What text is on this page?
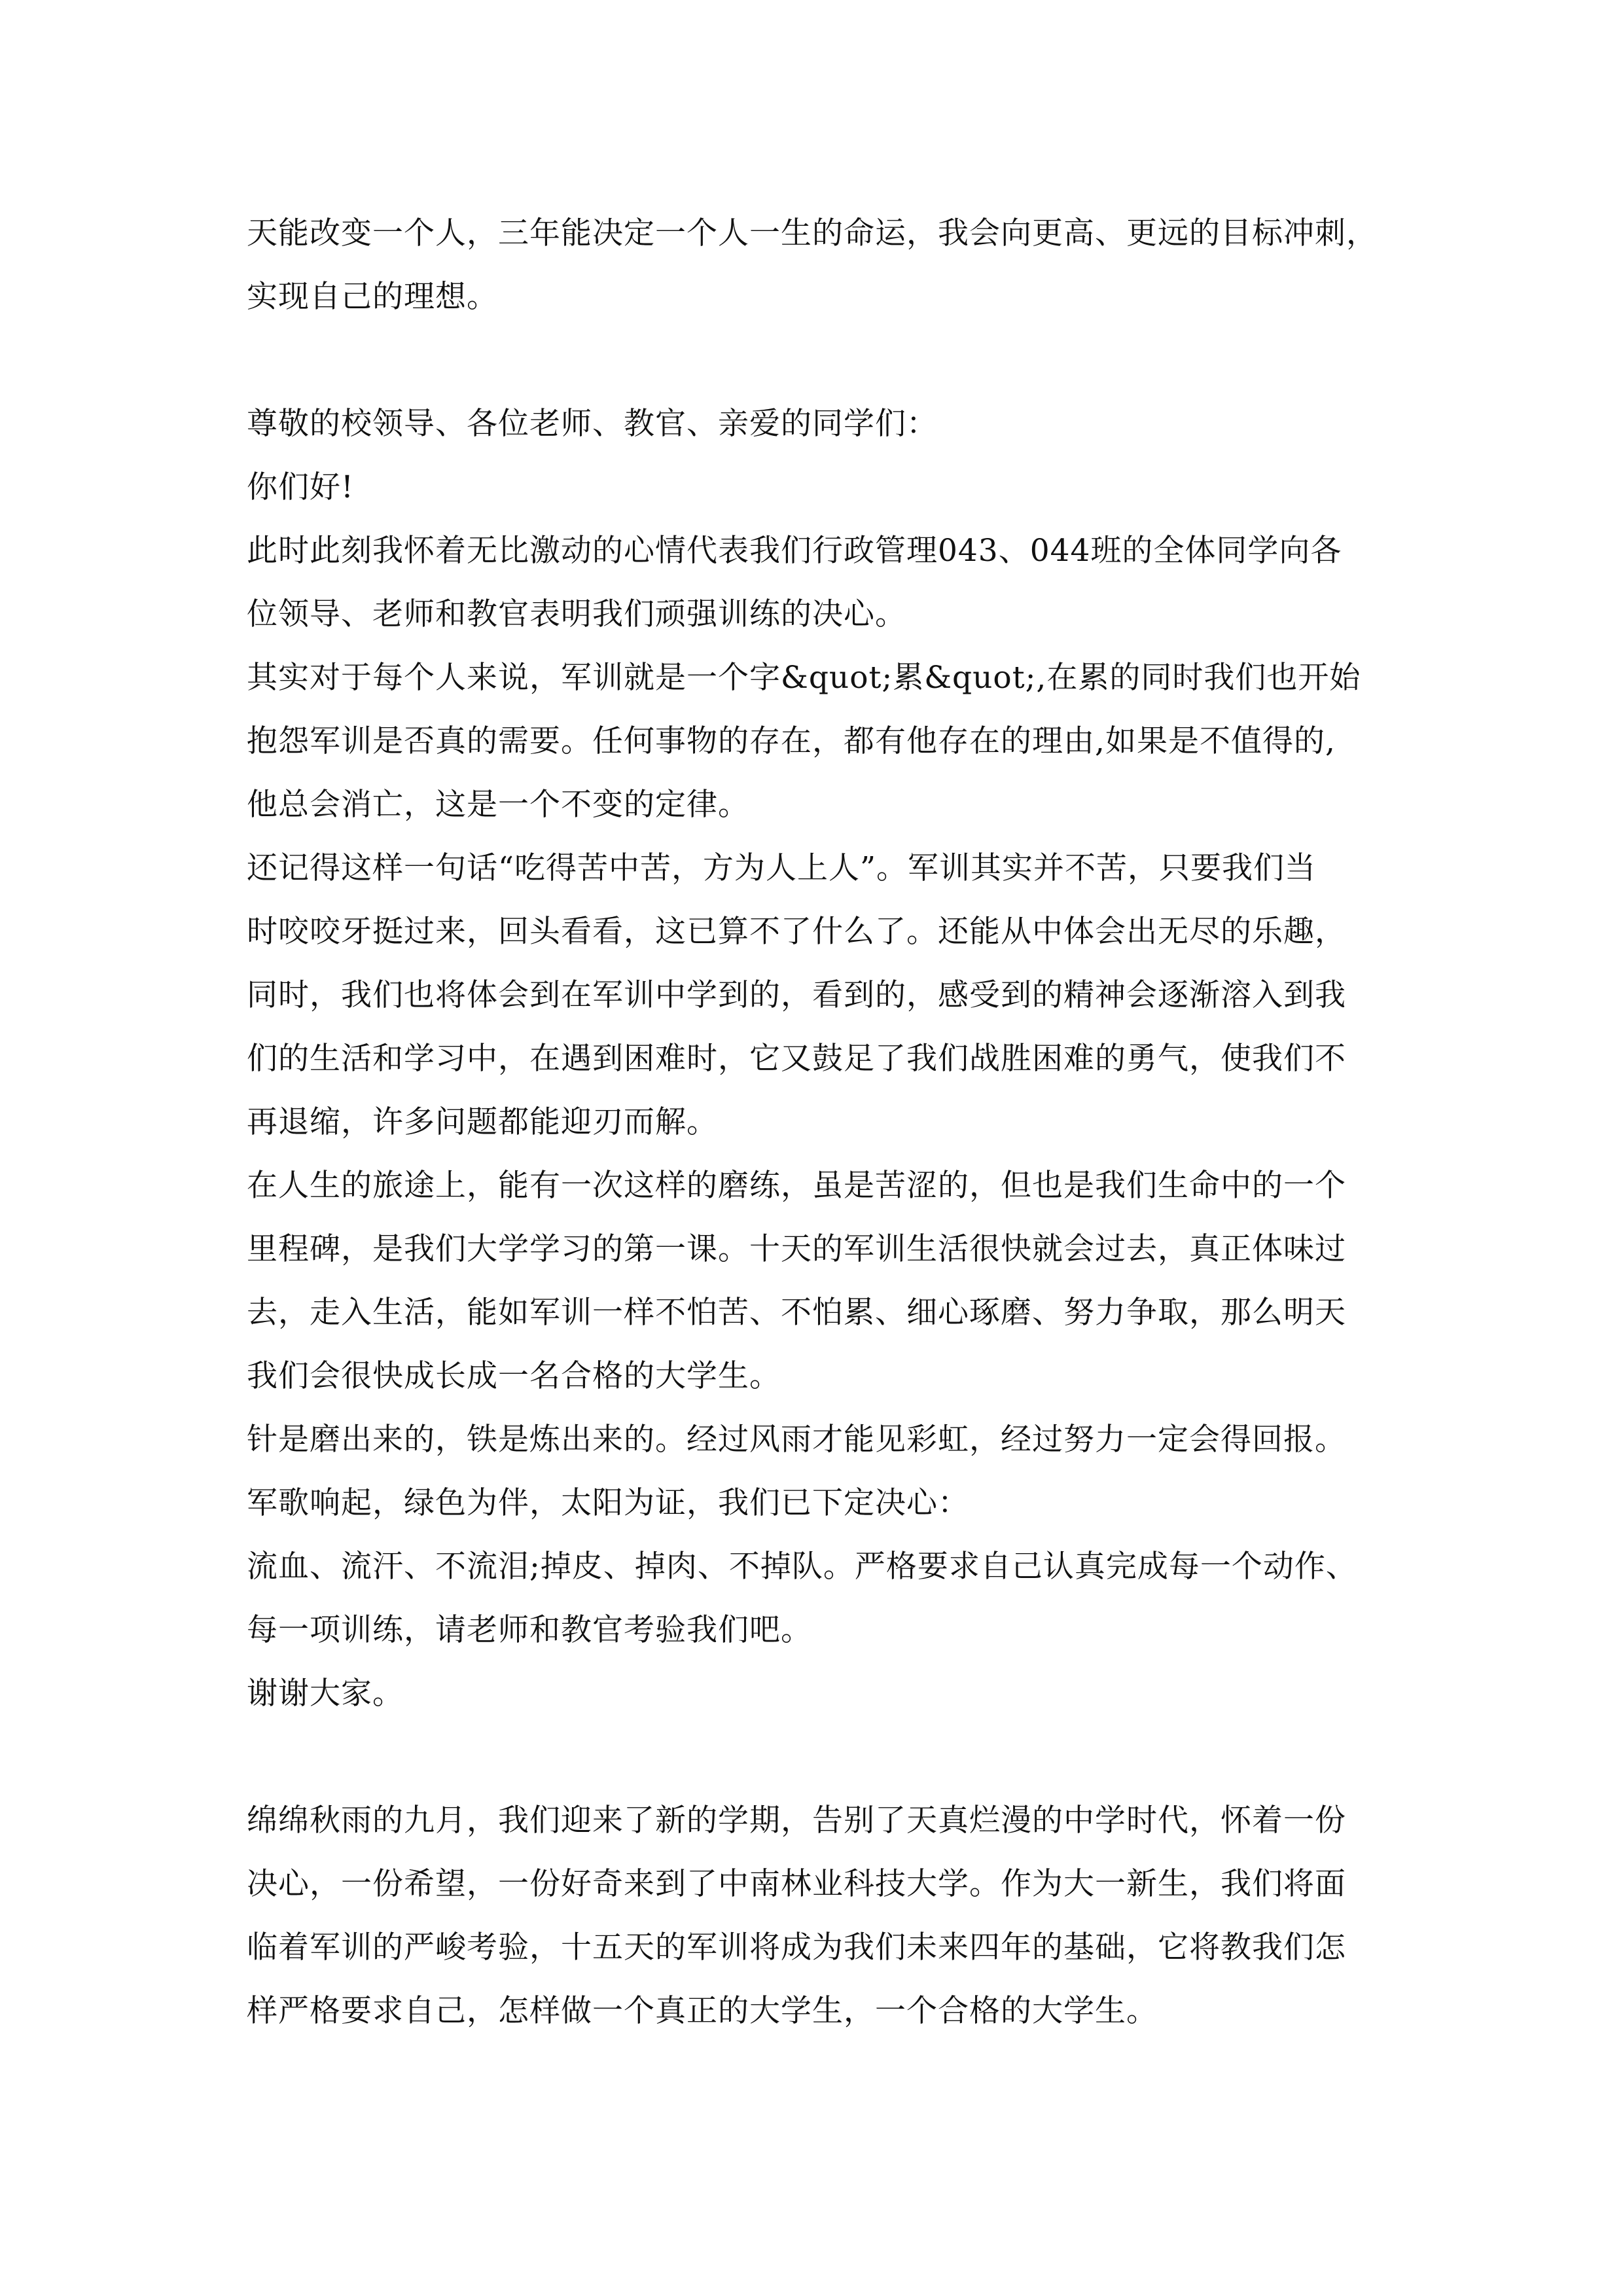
天能改变一个人，三年能决定一个人一生的命运，我会向更高、更远的目标冲刺，
实现自己的理想。
尊敬的校领导、各位老师、教官、亲爱的同学们：
你们好!
此时此刻我怀着无比激动的心情代表我们行政管理043、044班的全体同学向各
位领导、老师和教官表明我们顽强训练的决心。
其实对于每个人来说，军训就是一个字&quot;累&quot;,在累的同时我们也开始
抱怨军训是否真的需要。任何事物的存在，都有他存在的理由,如果是不值得的,
他总会消亡，这是一个不变的定律。
还记得这样一句话“吃得苦中苦，方为人上人”。军训其实并不苦，只要我们当
时咬咬牙挺过来，回头看看，这已算不了什么了。还能从中体会出无尽的乐趣，
同时，我们也将体会到在军训中学到的，看到的，感受到的精神会逐渐溶入到我
们的生活和学习中，在遇到困难时，它又鼓足了我们战胜困难的勇气，使我们不
再退缩，许多问题都能迎刃而解。
在人生的旅途上，能有一次这样的磨练，虽是苦涩的，但也是我们生命中的一个
里程碑，是我们大学学习的第一课。十天的军训生活很快就会过去，真正体味过
去，走入生活，能如军训一样不怕苦、不怕累、细心琢磨、努力争取，那么明天
我们会很快成长成一名合格的大学生。
针是磨出来的，铁是炼出来的。经过风雨才能见彩虹，经过努力一定会得回报。
军歌响起，绿色为伴，太阳为证，我们已下定决心：
流血、流汗、不流泪;掉皮、掉肉、不掉队。严格要求自己认真完成每一个动作、
每一项训练，请老师和教官考验我们吧。
谢谢大家。
绵绵秋雨的九月，我们迎来了新的学期，告别了天真烂漫的中学时代，怀着一份
决心，一份希望，一份好奇来到了中南林业科技大学。作为大一新生，我们将面
临着军训的严峻考验，十五天的军训将成为我们未来四年的基础，它将教我们怎
样严格要求自己，怎样做一个真正的大学生，一个合格的大学生。
